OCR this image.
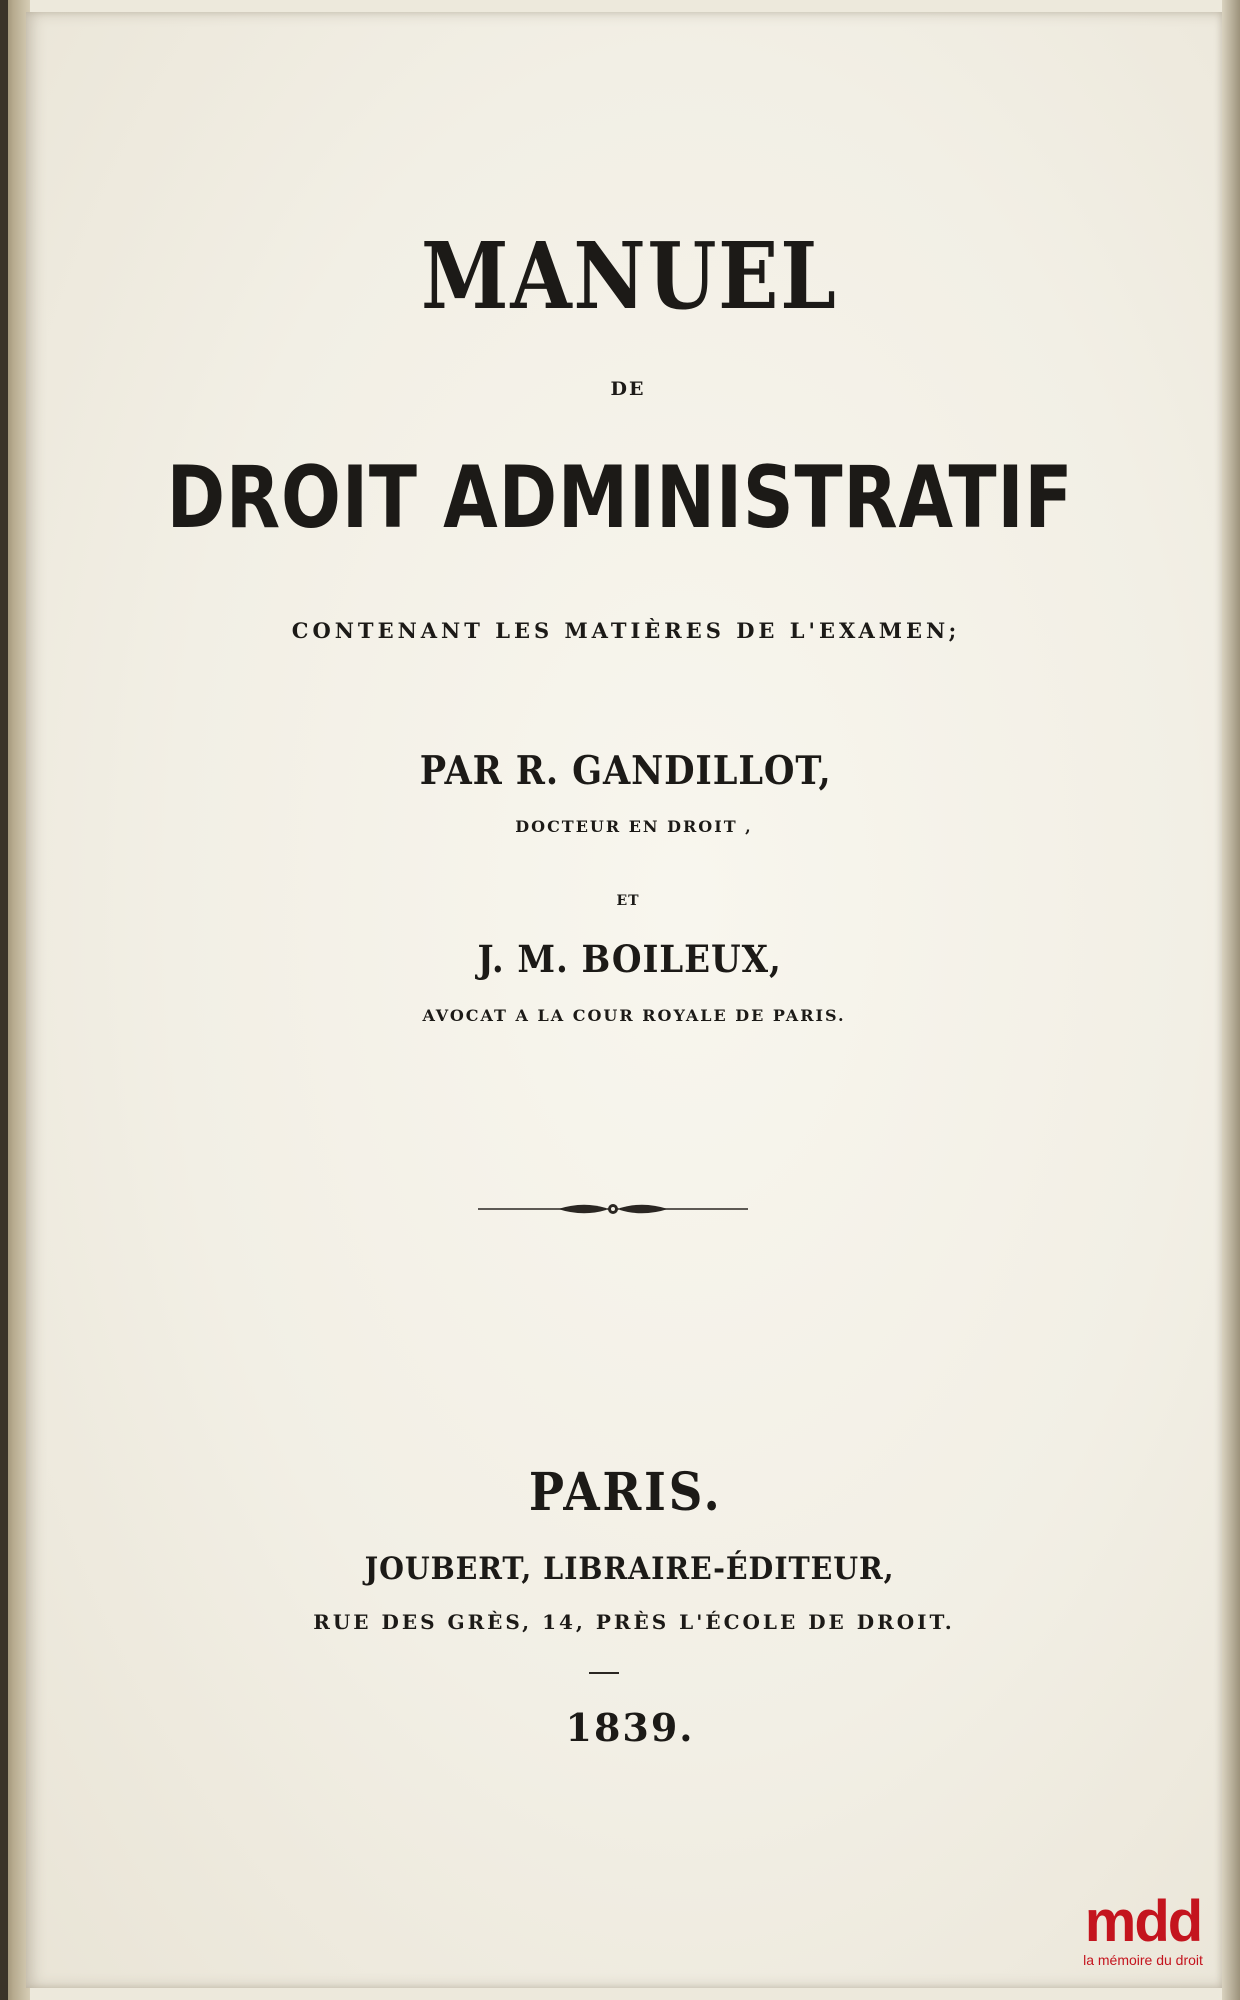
MANUEL
DE
DROIT ADMINISTRATIF
CONTENANT LES MATIÈRES DE L'EXAMEN;
PAR R. GANDILLOT,
DOCTEUR EN DROIT ,
ET
J. M. BOILEUX,
AVOCAT A LA COUR ROYALE DE PARIS.
PARIS.
JOUBERT, LIBRAIRE-ÉDITEUR,
RUE DES GRÈS, 14, PRÈS L'ÉCOLE DE DROIT.
1839.
mdd
la mémoire du droit
